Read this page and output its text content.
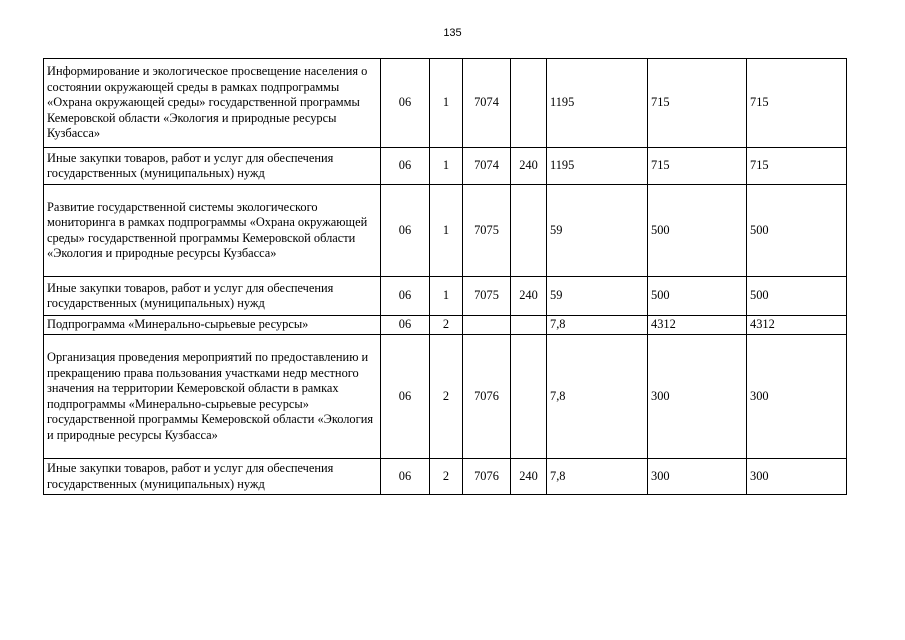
135
Информирование и экологическое просвещение населения о состоянии окружающей среды в рамках подпрограммы «Охрана окружающей среды» государственной программы Кемеровской области «Экология и природные ресурсы Кузбасса»	06	1	7074		1195	715	715
Иные закупки товаров, работ и услуг для обеспечения государственных (муниципальных) нужд	06	1	7074	240	1195	715	715
Развитие государственной системы экологического мониторинга в рамках подпрограммы «Охрана окружающей среды» государственной программы Кемеровской области «Экология и природные ресурсы Кузбасса»	06	1	7075		59	500	500
Иные закупки товаров, работ и услуг для обеспечения государственных (муниципальных) нужд	06	1	7075	240	59	500	500
Подпрограмма «Минерально-сырьевые ресурсы»	06	2			7,8	4312	4312
Организация проведения мероприятий по предоставлению и прекращению права пользования участками недр местного значения на территории Кемеровской области в рамках подпрограммы «Минерально-сырьевые ресурсы» государственной программы Кемеровской области «Экология и природные ресурсы Кузбасса»	06	2	7076		7,8	300	300
Иные закупки товаров, работ и услуг для обеспечения государственных (муниципальных) нужд	06	2	7076	240	7,8	300	300
